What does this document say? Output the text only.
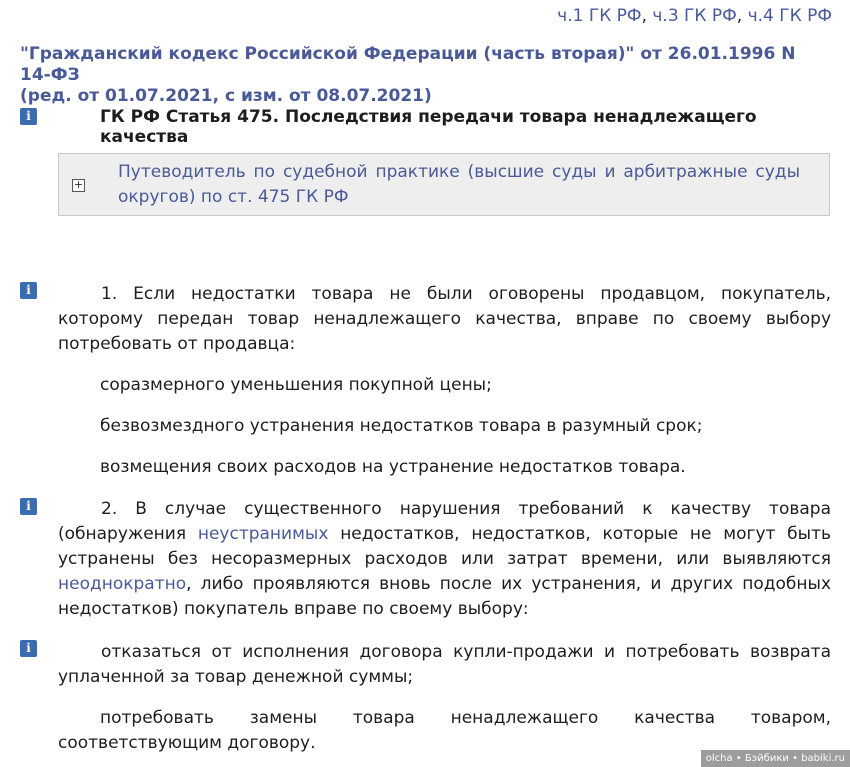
ч.1 ГК РФ, ч.3 ГК РФ, ч.4 ГК РФ
"Гражданский кодекс Российской Федерации (часть вторая)" от 26.01.1996 N 14-ФЗ
(ред. от 01.07.2021, с изм. от 08.07.2021)
i	ГК РФ Статья 475. Последствия передачи товара ненадлежащего качества
+
Путеводитель по судебной практике (высшие суды и арбитражные суды округов) по ст. 475 ГК РФ
i	1. Если недостатки товара не были оговорены продавцом, покупатель, которому передан товар ненадлежащего качества, вправе по своему выбору потребовать от продавца:
соразмерного уменьшения покупной цены;
безвозмездного устранения недостатков товара в разумный срок;
возмещения своих расходов на устранение недостатков товара.
i	2. В случае существенного нарушения требований к качеству товара (обнаружения неустранимых недостатков, недостатков, которые не могут быть устранены без несоразмерных расходов или затрат времени, или выявляются неоднократно, либо проявляются вновь после их устранения, и других подобных недостатков) покупатель вправе по своему выбору:
i	отказаться от исполнения договора купли-продажи и потребовать возврата уплаченной за товар денежной суммы;
потребовать замены товара ненадлежащего качества товаром,
соответствующим договору.
olcha • Бэйбики • babiki.ru
